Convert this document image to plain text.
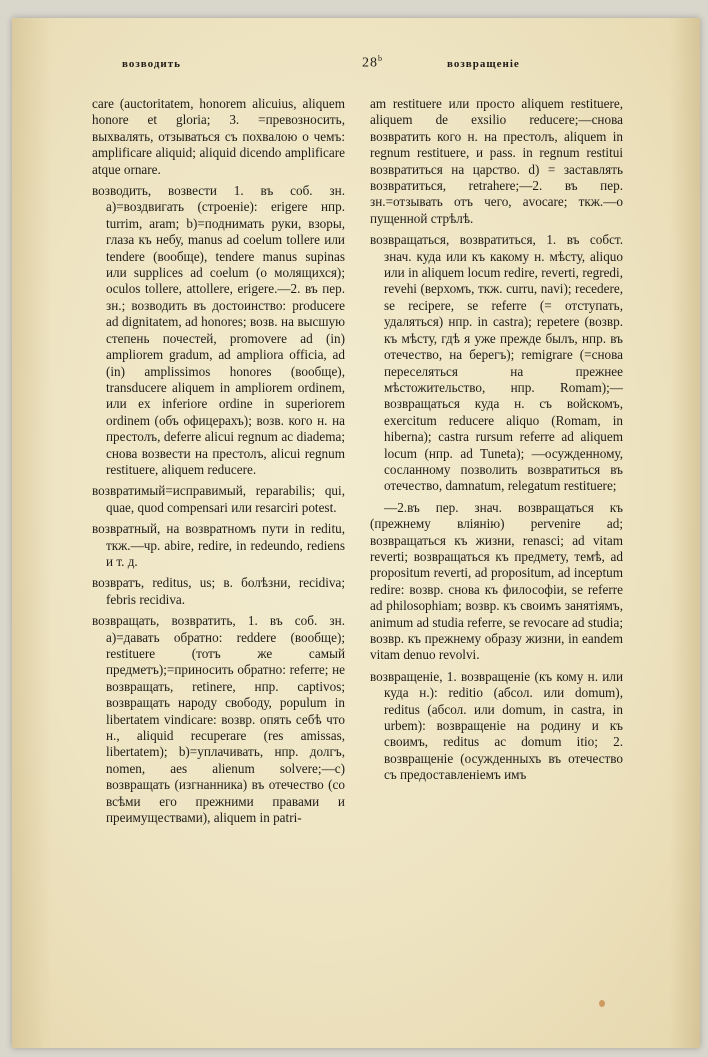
возводить	28$^b$	возвращеніе

care (auctoritatem, honorem alicuius, aliquem honore et gloria; 3. =превозносить, выхвалять, отзываться съ похвалою о чемъ: amplificare aliquid; aliquid dicendo amplificare atque ornare.

возводить, возвести 1. въ соб. зн. a)=воздвигать (строеніе): erigere нпр. turrim, aram; b)=поднимать руки, взоры, глаза къ небу, manus ad coelum tollere или tendere (вообще), tendere manus supinas или supplices ad coelum (о молящихся); oculos tollere, attollere, erigere.—2. въ пер. зн.; возводить въ достоинство: producere ad dignitatem, ad honores; возв. на высшую степень почестей, promovere ad (in) ampliorem gradum, ad ampliora officia, ad (in) amplissimos honores (вообще), transducere aliquem in ampliorem ordinem, или ex inferiore ordine in superiorem ordinem (объ офицерахъ); возв. кого н. на престолъ, deferre alicui regnum ac diadema; снова возвести на престолъ, alicui regnum restituere, aliquem reducere.

возвратимый=исправимый, reparabilis; qui, quae, quod compensari или resarciri potest.

возвратный, на возвратномъ пути in reditu, ткж.—чр. abire, redire, in redeundo, rediens и т. д.

возвратъ, reditus, us; в. болѣзни, recidiva; febris recidiva.

возвращать, возвратить, 1. въ соб. зн. a)=давать обратно: reddere (вообще); restituere (тотъ же самый предметъ);=приносить обратно: referre; не возвращать, retinere, нпр. captivos; возвращать народу свободу, populum in libertatem vindicare: возвр. опять себѣ что н., aliquid recuperare (res amissas, libertatem); b)=уплачивать, нпр. долгъ, nomen, aes alienum solvere;—c) возвращать (изгнанника) въ отечество (со всѣми его прежними правами и преимуществами), aliquem in patri-

am restituere или просто aliquem restituere, aliquem de exsilio reducere;—снова возвратить кого н. на престолъ, aliquem in regnum restituere, и pass. in regnum restitui возвратиться на царство. d) = заставлять возвратиться, retrahere;—2. въ пер. зн.=отзывать отъ чего, avocare; ткж.—о пущенной стрѣлѣ.

возвращаться, возвратиться, 1. въ собст. знач. куда или къ какому н. мѣсту, aliquo или in aliquem locum redire, reverti, regredi, revehi (верхомъ, ткж. curru, navi); recedere, se recipere, se referre (= отступать, удаляться) нпр. in castra); repetere (возвр. къ мѣсту, гдѣ я уже прежде былъ, нпр. въ отечество, на берегъ); remigrare (=снова переселяться на прежнее мѣстожительство, нпр. Romam);—возвращаться куда н. съ войскомъ, exercitum reducere aliquo (Romam, in hiberna); castra rursum referre ad aliquem locum (нпр. ad Tuneta); —осужденному, сосланному позволить возвратиться въ отечество, damnatum, relegatum restituere;

—2.въ пер. знач. возвращаться къ (прежнему вліянію) pervenire ad; возвращаться къ жизни, renasci; ad vitam reverti; возвращаться къ предмету, темѣ, ad propositum reverti, ad propositum, ad inceptum redire: возвр. снова къ философіи, se referre ad philosophiam; возвр. къ своимъ занятіямъ, animum ad studia referre, se revocare ad studia; возвр. къ прежнему образу жизни, in eandem vitam denuo revolvi.

возвращеніе, 1. возвращеніе (къ кому н. или куда н.): reditio (абсол. или domum), reditus (абсол. или domum, in castra, in urbem): возвращеніе на родину и къ своимъ, reditus ac domum itio; 2. возвращеніе (осужденныхъ въ отечество съ предоставленіемъ имъ
